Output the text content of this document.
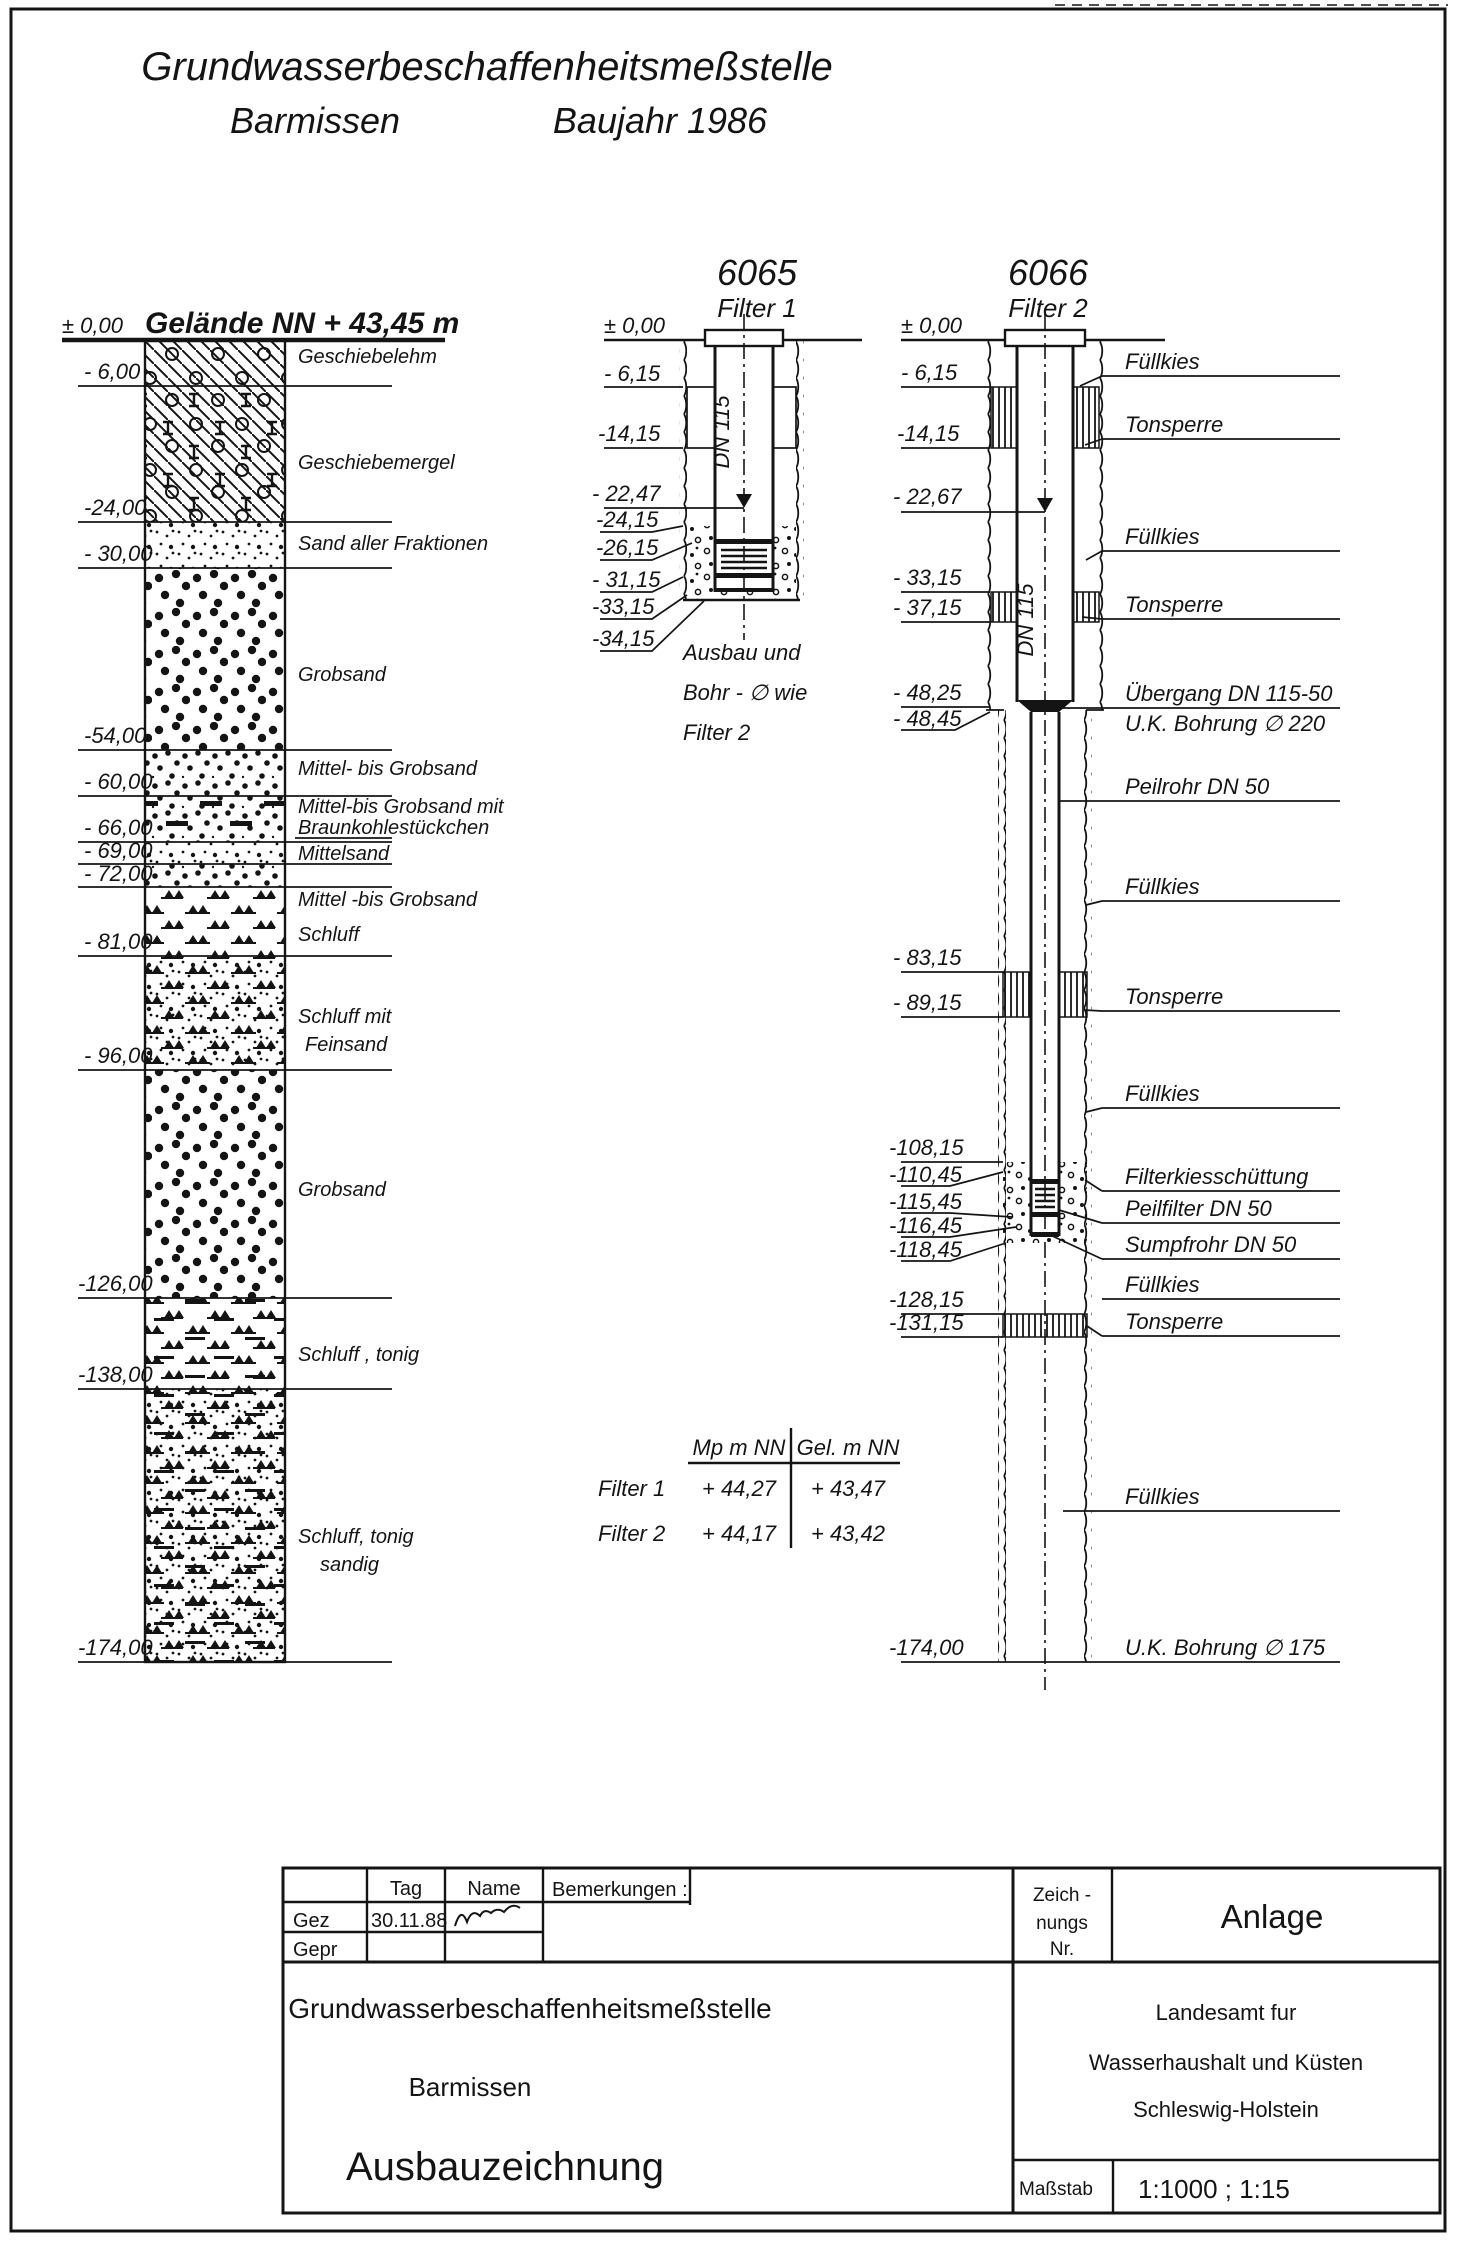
Grundwasserbeschaffenheitsmeßstelle
Barmissen	Baujahr 1986
± 0,00 Gelände NN + 43,45 m
- 6,00
-24,00
- 30,00
-54,00
- 60,00
- 66,00
- 69,00
- 72,00
- 81,00
- 96,00
-126,00
-138,00
-174,00
Geschiebelehm
Geschiebemergel
Sand aller Fraktionen
Grobsand
Mittel- bis Grobsand
Mittel-bis Grobsand mit
Braunkohlestückchen
Mittelsand
Mittel -bis Grobsand
Schluff
Schluff mit
Feinsand
Grobsand
Schluff , tonig
Schluff, tonig
sandig
6065
Filter 1
± 0,00
- 6,15
-14,15
- 22,47
-24,15
-26,15
- 31,15
-33,15
-34,15
DN 115
Ausbau und
Bohr - ∅ wie
Filter 2
6066
Filter 2
± 0,00
- 6,15
-14,15
- 22,67
- 33,15
- 37,15
- 48,25
- 48,45
- 83,15
- 89,15
-108,15
-110,45
-115,45
-116,45
-118,45
-128,15
-131,15
-174,00
DN 115
Füllkies
Tonsperre
Füllkies
Tonsperre
Übergang DN 115-50
U.K. Bohrung ∅ 220
Peilrohr DN 50
Füllkies
Tonsperre
Füllkies
Filterkiesschüttung
Peilfilter DN 50
Sumpfrohr DN 50
Füllkies
Tonsperre
Füllkies
U.K. Bohrung ∅ 175
Mp m NN Gel. m NN
Filter 1 + 44,27 + 43,47
Filter 2 + 44,17 + 43,42
Tag Name Bemerkungen :
Gez 30.11.88
Gepr
Zeich -
nungs
Nr.
Anlage
Grundwasserbeschaffenheitsmeßstelle
Barmissen
Ausbauzeichnung
Landesamt fur
Wasserhaushalt und Küsten
Schleswig-Holstein
Maßstab 1:1000 ; 1:15
